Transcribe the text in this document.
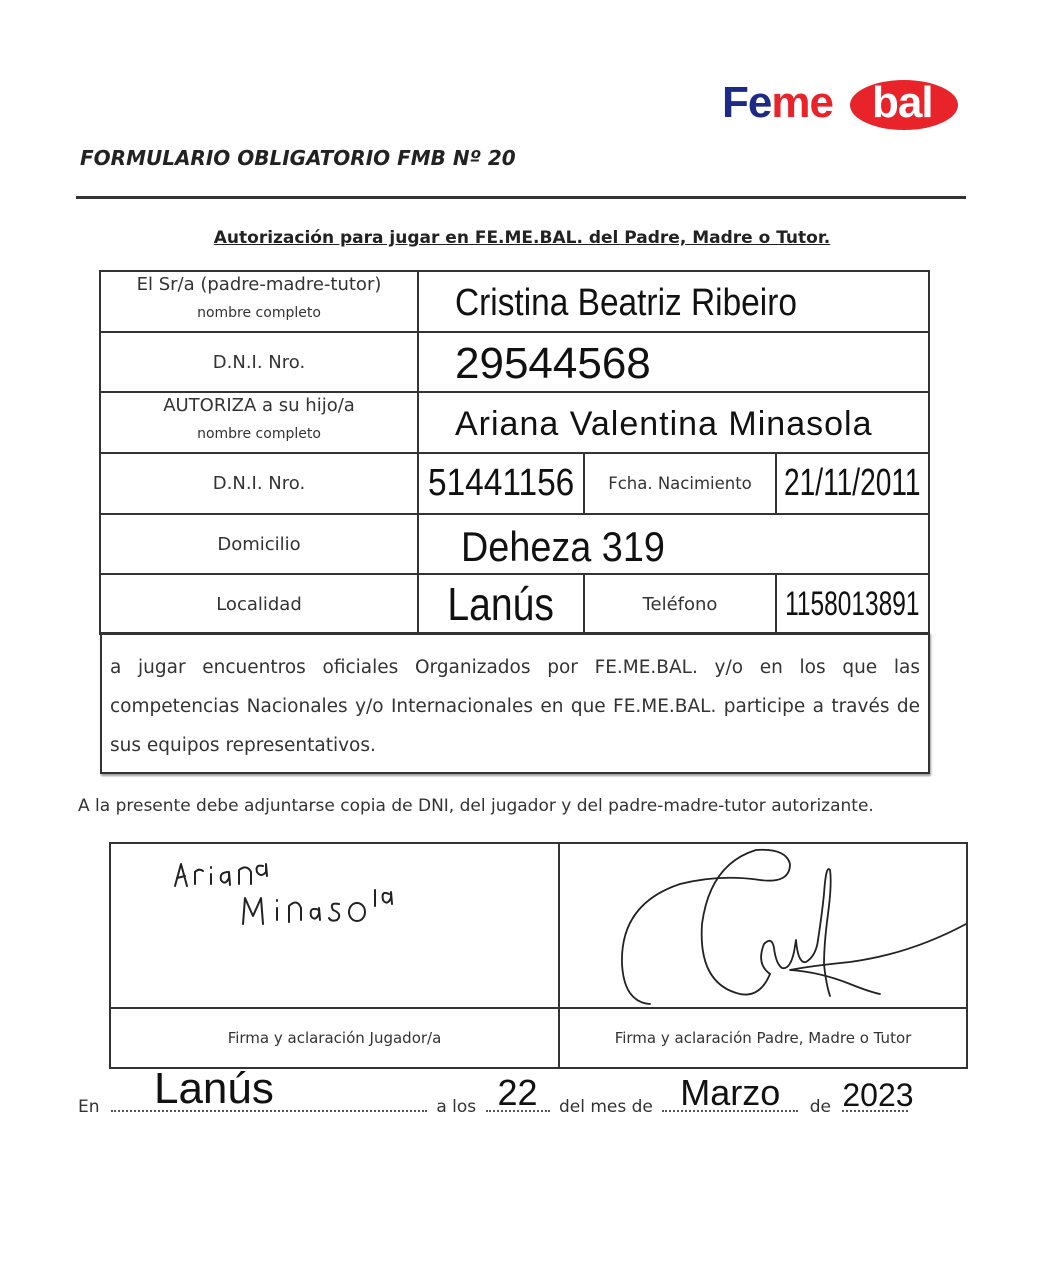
Feme bal
FORMULARIO OBLIGATORIO FMB Nº 20
Autorización para jugar en FE.ME.BAL. del Padre, Madre o Tutor.
El Sr/a (padre-madre-tutor)
nombre completo	Cristina Beatriz Ribeiro
D.N.I. Nro.	29544568
AUTORIZA a su hijo/a
nombre completo	Ariana Valentina Minasola
D.N.I. Nro.	51441156 Fcha. Nacimiento 21/11/2011
Domicilio	Deheza 319
Localidad	Lanús	Teléfono 1158013891
a jugar encuentros oficiales Organizados por FE.ME.BAL. y/o en los que las competencias Nacionales y/o Internacionales en que FE.ME.BAL. participe a través de sus equipos representativos.
A la presente debe adjuntarse copia de DNI, del jugador y del padre-madre-tutor autorizante.
Firma y aclaración Jugador/a	Firma y aclaración Padre, Madre o Tutor
En	Lanús	a los 22	del mes de Marzo	de 2023
